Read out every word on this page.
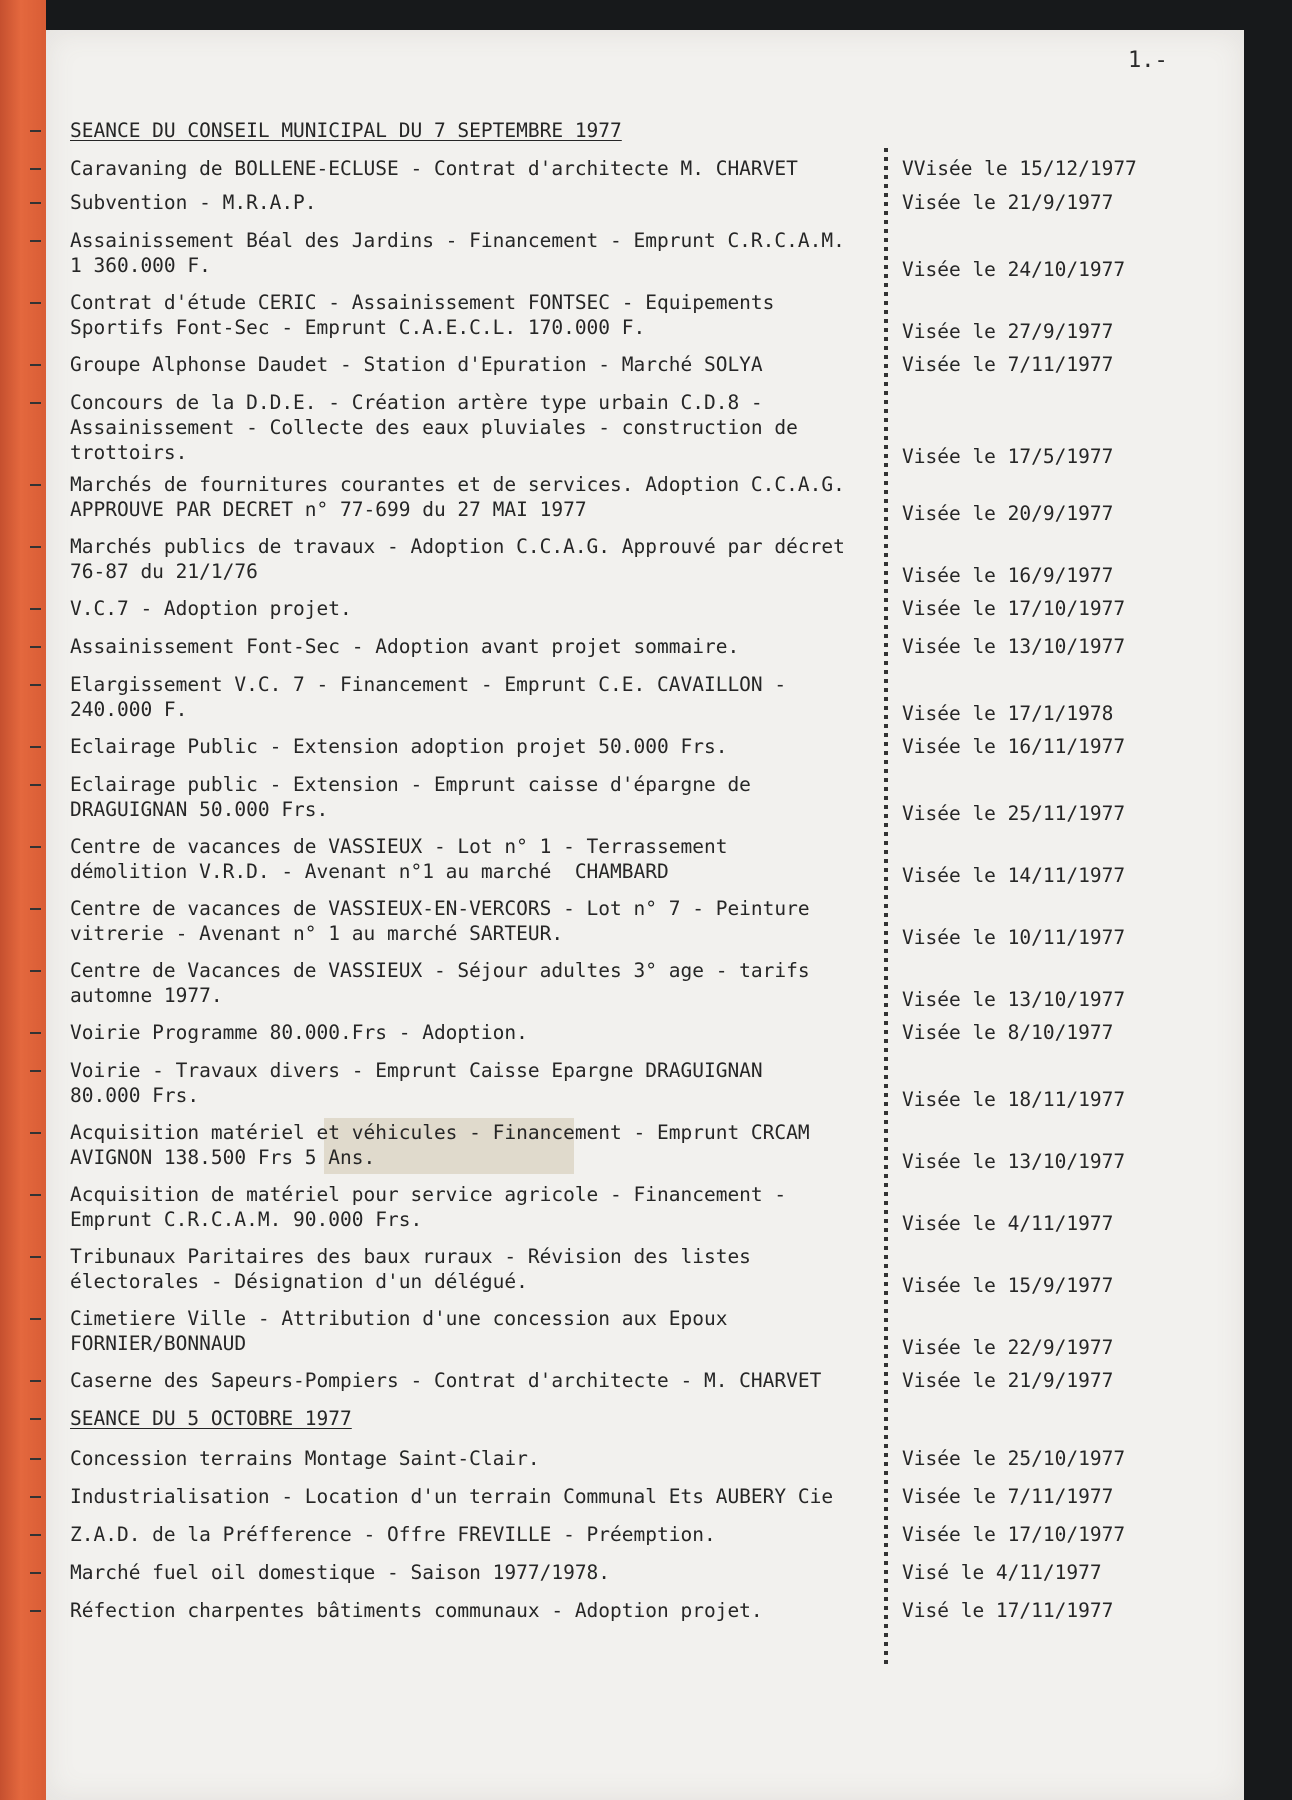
1.-
SEANCE DU CONSEIL MUNICIPAL DU 7 SEPTEMBRE 1977
Caravaning de BOLLENE-ECLUSE - Contrat d'architecte M. CHARVET	VVisée le 15/12/1977
Subvention - M.R.A.P.	Visée le 21/9/1977
Assainissement Béal des Jardins - Financement - Emprunt C.R.C.A.M.
1 360.000 F.	Visée le 24/10/1977
Contrat d'étude CERIC - Assainissement FONTSEC - Equipements
Sportifs Font-Sec - Emprunt C.A.E.C.L. 170.000 F.	Visée le 27/9/1977
Groupe Alphonse Daudet - Station d'Epuration - Marché SOLYA	Visée le 7/11/1977
Concours de la D.D.E. - Création artère type urbain C.D.8 -
Assainissement - Collecte des eaux pluviales - construction de
trottoirs.	Visée le 17/5/1977
Marchés de fournitures courantes et de services. Adoption C.C.A.G.
APPROUVE PAR DECRET n° 77-699 du 27 MAI 1977	Visée le 20/9/1977
Marchés publics de travaux - Adoption C.C.A.G. Approuvé par décret
76-87 du 21/1/76	Visée le 16/9/1977
V.C.7 - Adoption projet.	Visée le 17/10/1977
Assainissement Font-Sec - Adoption avant projet sommaire.	Visée le 13/10/1977
Elargissement V.C. 7 - Financement - Emprunt C.E. CAVAILLON -
240.000 F.	Visée le 17/1/1978
Eclairage Public - Extension adoption projet 50.000 Frs.	Visée le 16/11/1977
Eclairage public - Extension - Emprunt caisse d'épargne de
DRAGUIGNAN 50.000 Frs.	Visée le 25/11/1977
Centre de vacances de VASSIEUX - Lot n° 1 - Terrassement
démolition V.R.D. - Avenant n°1 au marché  CHAMBARD	Visée le 14/11/1977
Centre de vacances de VASSIEUX-EN-VERCORS - Lot n° 7 - Peinture
vitrerie - Avenant n° 1 au marché SARTEUR.	Visée le 10/11/1977
Centre de Vacances de VASSIEUX - Séjour adultes 3° age - tarifs
automne 1977.	Visée le 13/10/1977
Voirie Programme 80.000.Frs - Adoption.	Visée le 8/10/1977
Voirie - Travaux divers - Emprunt Caisse Epargne DRAGUIGNAN
80.000 Frs.	Visée le 18/11/1977
Acquisition matériel et véhicules - Financement - Emprunt CRCAM
AVIGNON 138.500 Frs 5 Ans.	Visée le 13/10/1977
Acquisition de matériel pour service agricole - Financement -
Emprunt C.R.C.A.M. 90.000 Frs.	Visée le 4/11/1977
Tribunaux Paritaires des baux ruraux - Révision des listes
électorales - Désignation d'un délégué.	Visée le 15/9/1977
Cimetiere Ville - Attribution d'une concession aux Epoux
FORNIER/BONNAUD	Visée le 22/9/1977
Caserne des Sapeurs-Pompiers - Contrat d'architecte - M. CHARVET	Visée le 21/9/1977
SEANCE DU 5 OCTOBRE 1977
Concession terrains Montage Saint-Clair.	Visée le 25/10/1977
Industrialisation - Location d'un terrain Communal Ets AUBERY Cie	Visée le 7/11/1977
Z.A.D. de la Préfference - Offre FREVILLE - Préemption.	Visée le 17/10/1977
Marché fuel oil domestique - Saison 1977/1978.	Visé le 4/11/1977
Réfection charpentes bâtiments communaux - Adoption projet.	Visé le 17/11/1977
